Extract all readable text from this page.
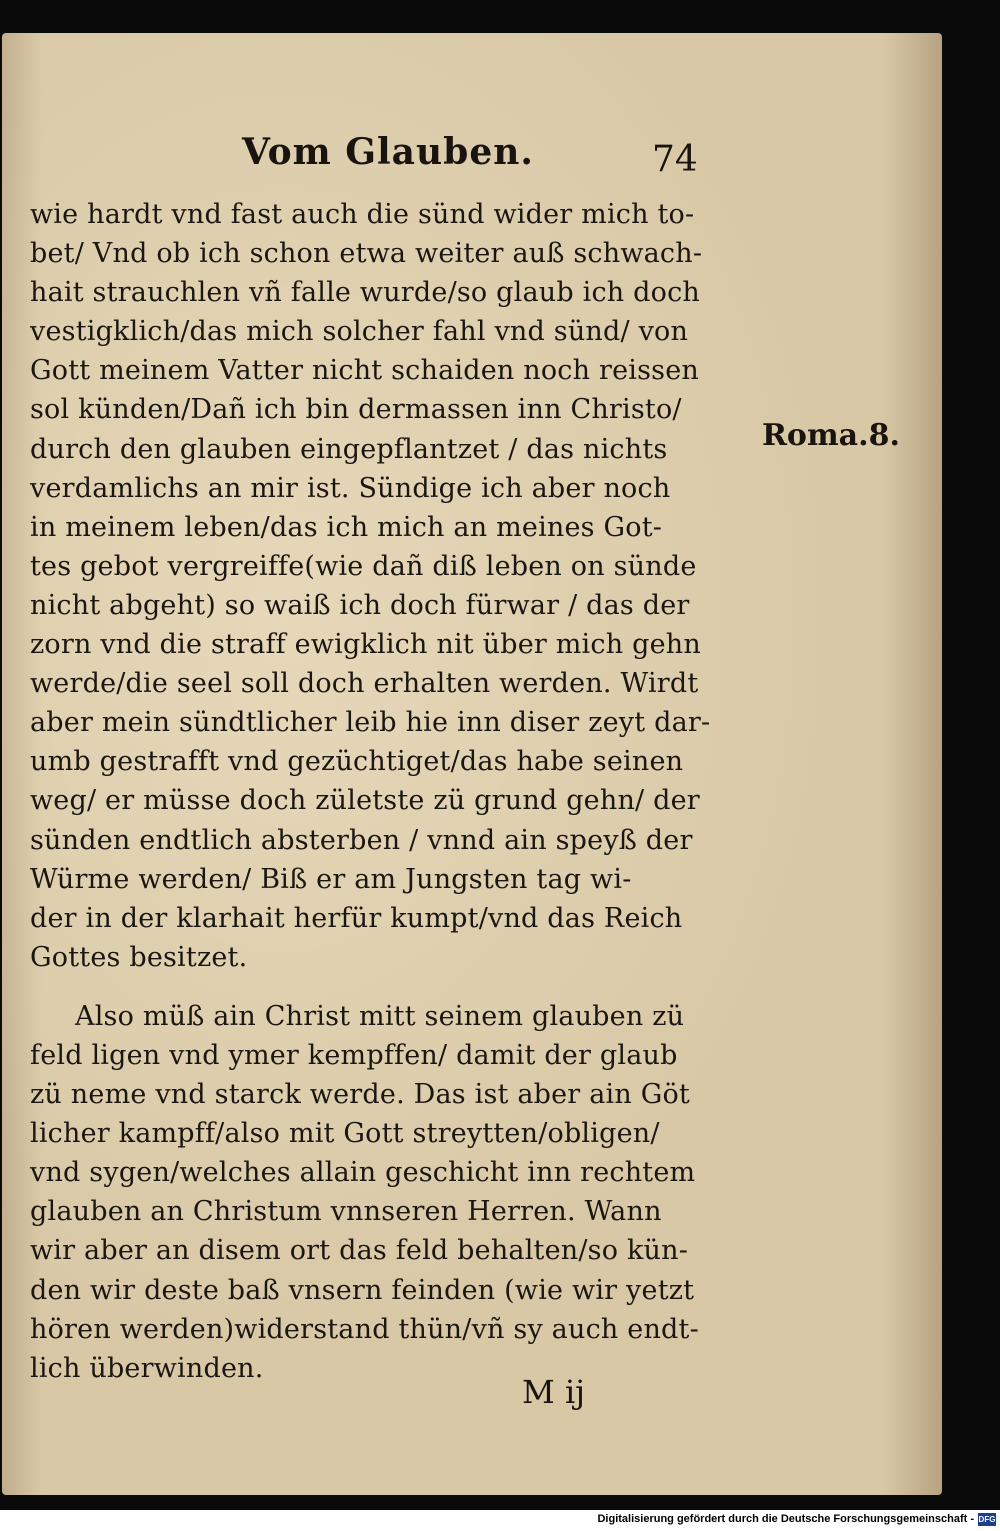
Vom Glauben.	74
wie hardt vnd fast auch die sünd wider mich to-
bet/ Vnd ob ich schon etwa weiter auß schwach-
hait strauchlen vñ falle wurde/so glaub ich doch
vestigklich/das mich solcher fahl vnd sünd/ von
Gott meinem Vatter nicht schaiden noch reissen
sol künden/Dañ ich bin dermassen inn Christo/
durch den glauben eingepflantzet / das nichts
verdamlichs an mir ist. Sündige ich aber noch
in meinem leben/das ich mich an meines Got-
tes gebot vergreiffe(wie dañ diß leben on sünde
nicht abgeht) so waiß ich doch fürwar / das der
zorn vnd die straff ewigklich nit über mich gehn
werde/die seel soll doch erhalten werden. Wirdt
aber mein sündtlicher leib hie inn diser zeyt dar-
umb gestrafft vnd gezüchtiget/das habe seinen
weg/ er müsse doch zületste zü grund gehn/ der
sünden endtlich absterben / vnnd ain speyß der
Würme werden/ Biß er am Jungsten tag wi-
der in der klarhait herfür kumpt/vnd das Reich
Gottes besitzet.
Also müß ain Christ mitt seinem glauben zü
feld ligen vnd ymer kempffen/ damit der glaub
zü neme vnd starck werde. Das ist aber ain Göt
licher kampff/also mit Gott streytten/obligen/
vnd sygen/welches allain geschicht inn rechtem
glauben an Christum vnnseren Herren. Wann
wir aber an disem ort das feld behalten/so kün-
den wir deste baß vnsern feinden (wie wir yetzt
hören werden)widerstand thün/vñ sy auch endt-
lich überwinden.
Roma.8.
M ij
Digitalisierung gefördert durch die Deutsche Forschungsgemeinschaft - DFG
